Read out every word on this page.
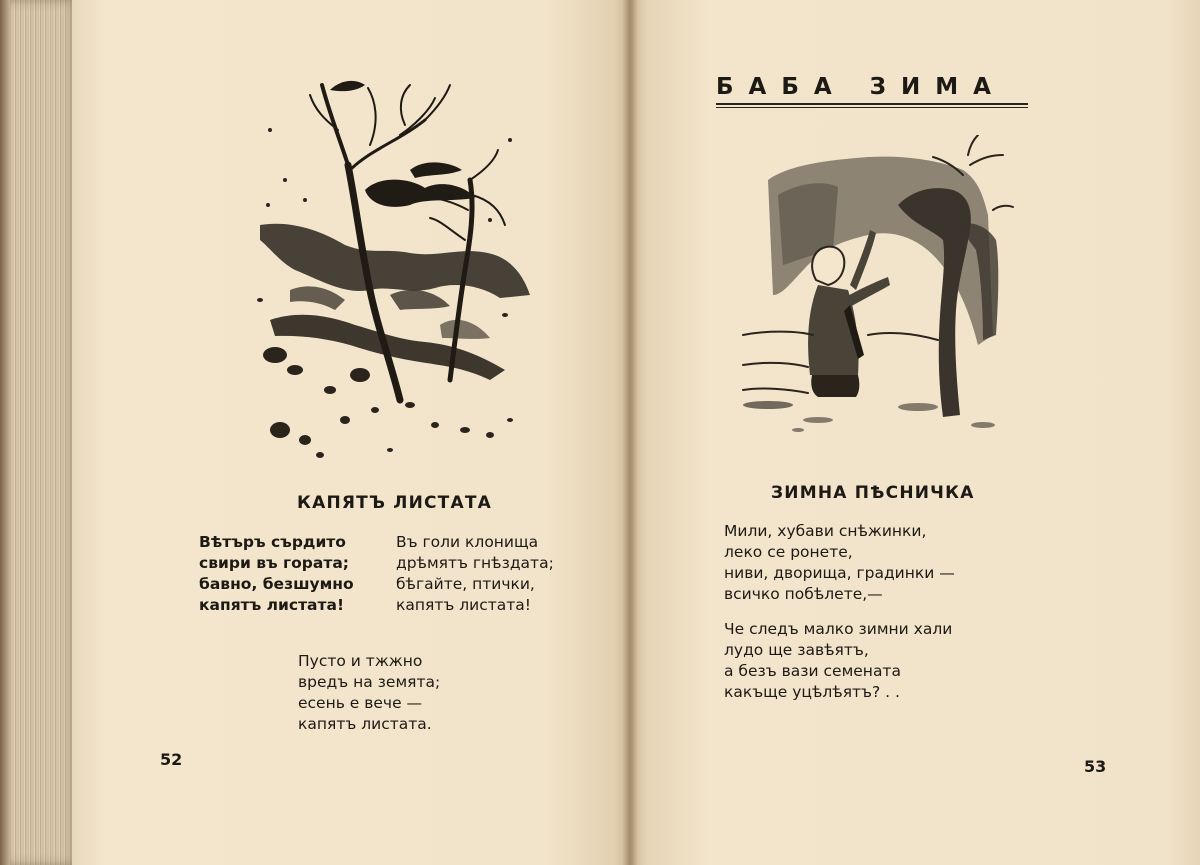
КАПЯТЪ ЛИСТАТА
Вѣтъръ сърдито
свири въ гората;
бавно, безшумно
капятъ листата!
Въ голи клонища
дрѣмятъ гнѣздата;
бѣгайте, птички,
капятъ листата!
Пусто и тжжно
вредъ на земята;
есень е вече —
капятъ листата.
52
БАБА ЗИМА
ЗИМНА ПѢСНИЧКА
Мили, хубави снѣжинки,
леко се ронете,
ниви, дворища, градинки —
всичко побѣлете,—
Че следъ малко зимни хали
лудо ще завѣятъ,
а безъ вази семената
какъще уцѣлѣятъ? . .
53
